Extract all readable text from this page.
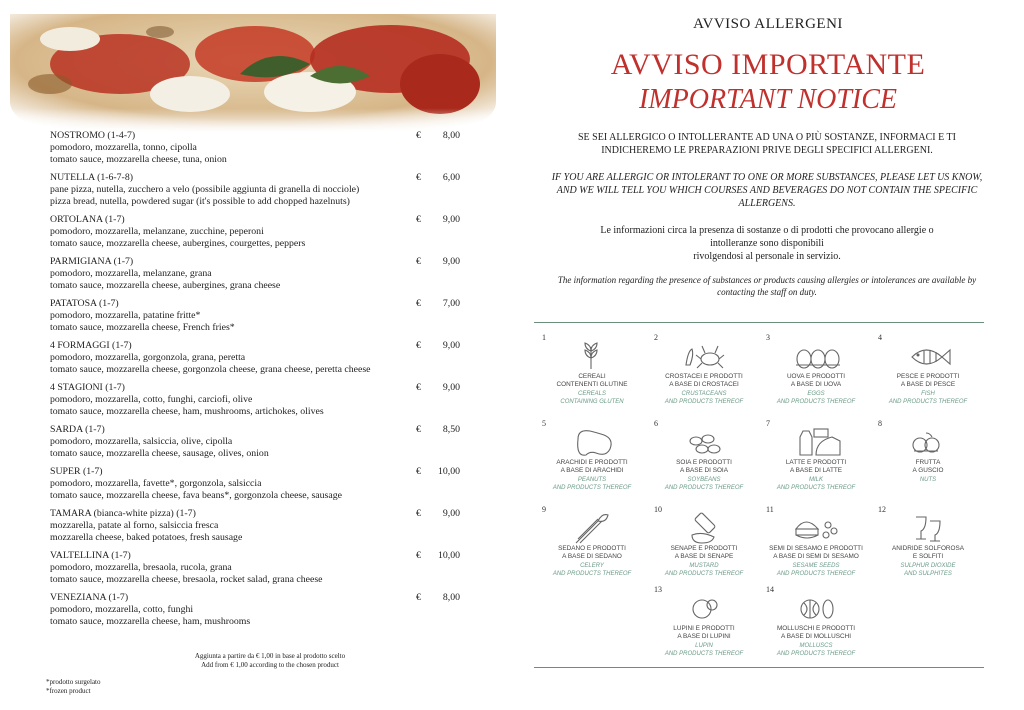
NOSTROMO (1-4-7)	€ 8,00
pomodoro, mozzarella, tonno, cipolla
tomato sauce, mozzarella cheese, tuna, onion
NUTELLA (1-6-7-8)	€ 6,00
pane pizza, nutella, zucchero a velo (possibile aggiunta di granella di nocciole)
pizza bread, nutella, powdered sugar (it's possible to add chopped hazelnuts)
ORTOLANA (1-7)	€ 9,00
pomodoro, mozzarella, melanzane, zucchine, peperoni
tomato sauce, mozzarella cheese, aubergines, courgettes, peppers
PARMIGIANA (1-7)	€ 9,00
pomodoro, mozzarella, melanzane, grana
tomato sauce, mozzarella cheese, aubergines, grana cheese
PATATOSA (1-7)	€ 7,00
pomodoro, mozzarella, patatine fritte*
tomato sauce, mozzarella cheese, French fries*
4 FORMAGGI (1-7)	€ 9,00
pomodoro, mozzarella, gorgonzola, grana, peretta
tomato sauce, mozzarella cheese, gorgonzola cheese, grana cheese, peretta cheese
4 STAGIONI (1-7)	€ 9,00
pomodoro, mozzarella, cotto, funghi, carciofi, olive
tomato sauce, mozzarella cheese, ham, mushrooms, artichokes, olives
SARDA (1-7)	€ 8,50
pomodoro, mozzarella, salsiccia, olive, cipolla
tomato sauce, mozzarella cheese, sausage, olives, onion
SUPER (1-7)	€ 10,00
pomodoro, mozzarella, favette*, gorgonzola, salsiccia
tomato sauce, mozzarella cheese, fava beans*, gorgonzola cheese, sausage
TAMARA (bianca-white pizza) (1-7)	€ 9,00
mozzarella, patate al forno, salsiccia fresca
mozzarella cheese, baked potatoes, fresh sausage
VALTELLINA (1-7)	€ 10,00
pomodoro, mozzarella, bresaola, rucola, grana
tomato sauce, mozzarella cheese, bresaola, rocket salad, grana cheese
VENEZIANA (1-7)	€ 8,00
pomodoro, mozzarella, cotto, funghi
tomato sauce, mozzarella cheese, ham, mushrooms
Aggiunta a partire da € 1,00 in base al prodotto scelto
Add from € 1,00 according to the chosen product
*prodotto surgelato
*frozen product
AVVISO ALLERGENI
AVVISO IMPORTANTE
IMPORTANT NOTICE
SE SEI ALLERGICO O INTOLLERANTE AD UNA O PIÙ SOSTANZE, INFORMACI E TI INDICHEREMO LE PREPARAZIONI PRIVE DEGLI SPECIFICI ALLERGENI.
IF YOU ARE ALLERGIC OR INTOLERANT TO ONE OR MORE SUBSTANCES, PLEASE LET US KNOW, AND WE WILL TELL YOU WHICH COURSES AND BEVERAGES DO NOT CONTAIN THE SPECIFIC ALLERGENS.
Le informazioni circa la presenza di sostanze o di prodotti che provocano allergie o
intolleranze sono disponibili
rivolgendosi al personale in servizio.
The information regarding the presence of substances or products causing allergies or intolerances are available by contacting the staff on duty.
1
CEREALI
CONTENENTI GLUTINE
CEREALS
CONTAINING GLUTEN
2
CROSTACEI E PRODOTTI
A BASE DI CROSTACEI
CRUSTACEANS
AND PRODUCTS THEREOF
3
UOVA E PRODOTTI
A BASE DI UOVA
EGGS
AND PRODUCTS THEREOF
4
PESCE E PRODOTTI
A BASE DI PESCE
FISH
AND PRODUCTS THEREOF
5
ARACHIDI E PRODOTTI
A BASE DI ARACHIDI
PEANUTS
AND PRODUCTS THEREOF
6
SOIA E PRODOTTI
A BASE DI SOIA
SOYBEANS
AND PRODUCTS THEREOF
7
LATTE E PRODOTTI
A BASE DI LATTE
MILK
AND PRODUCTS THEREOF
8
FRUTTA
A GUSCIO
NUTS
9
SEDANO E PRODOTTI
A BASE DI SEDANO
CELERY
AND PRODUCTS THEREOF
10
SENAPE E PRODOTTI
A BASE DI SENAPE
MUSTARD
AND PRODUCTS THEREOF
11
SEMI DI SESAMO E PRODOTTI
A BASE DI SEMI DI SESAMO
SESAME SEEDS
AND PRODUCTS THEREOF
12
ANIDRIDE SOLFOROSA
E SOLFITI
SULPHUR DIOXIDE
AND SULPHITES
13
LUPINI E PRODOTTI
A BASE DI LUPINI
LUPIN
AND PRODUCTS THEREOF
14
MOLLUSCHI E PRODOTTI
A BASE DI MOLLUSCHI
MOLLUSCS
AND PRODUCTS THEREOF
